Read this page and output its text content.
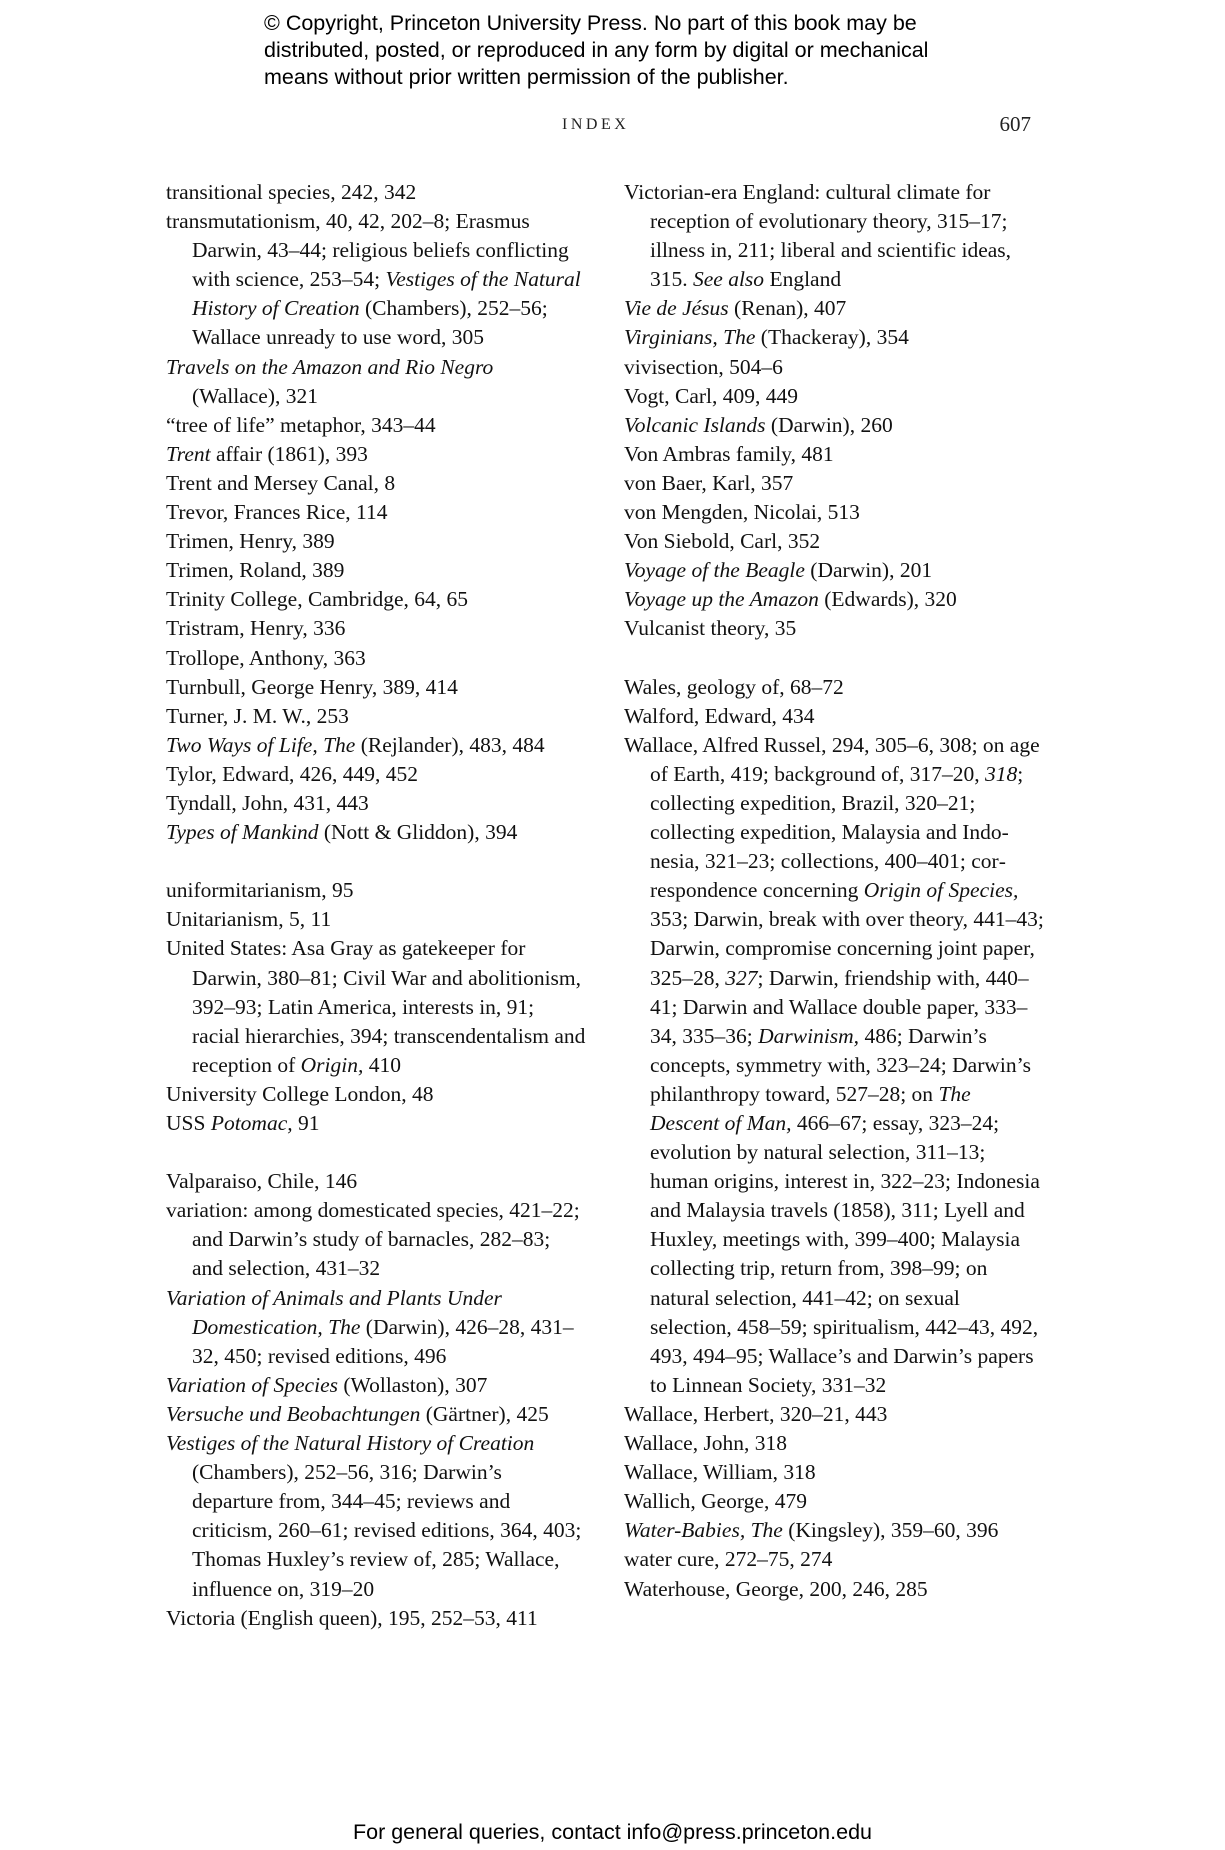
© Copyright, Princeton University Press. No part of this book may be
distributed, posted, or reproduced in any form by digital or mechanical
means without prior written permission of the publisher.
INDEX	607
transitional species, 242, 342
transmutationism, 40, 42, 202–8; Erasmus Darwin, 43–44; religious beliefs conflicting with science, 253–54; Vestiges of the Natural History of Creation (Chambers), 252–56; Wallace unready to use word, 305
Travels on the Amazon and Rio Negro (Wallace), 321
“tree of life” metaphor, 343–44
Trent affair (1861), 393
Trent and Mersey Canal, 8
Trevor, Frances Rice, 114
Trimen, Henry, 389
Trimen, Roland, 389
Trinity College, Cambridge, 64, 65
Tristram, Henry, 336
Trollope, Anthony, 363
Turnbull, George Henry, 389, 414
Turner, J. M. W., 253
Two Ways of Life, The (Rejlander), 483, 484
Tylor, Edward, 426, 449, 452
Tyndall, John, 431, 443
Types of Mankind (Nott & Gliddon), 394
uniformitarianism, 95
Unitarianism, 5, 11
United States: Asa Gray as gatekeeper for Darwin, 380–81; Civil War and abolitionism, 392–93; Latin America, interests in, 91; racial hierarchies, 394; transcendentalism and reception of Origin, 410
University College London, 48
USS Potomac, 91
Valparaiso, Chile, 146
variation: among domesticated species, 421–22; and Darwin’s study of barnacles, 282–83; and selection, 431–32
Variation of Animals and Plants Under Domestication, The (Darwin), 426–28, 431–32, 450; revised editions, 496
Variation of Species (Wollaston), 307
Versuche und Beobachtungen (Gärtner), 425
Vestiges of the Natural History of Creation (Chambers), 252–56, 316; Darwin’s departure from, 344–45; reviews and criticism, 260–61; revised editions, 364, 403; Thomas Huxley’s review of, 285; Wallace, influence on, 319–20
Victoria (English queen), 195, 252–53, 411
Victorian-era England: cultural climate for reception of evolutionary theory, 315–17; illness in, 211; liberal and scientific ideas, 315. See also England
Vie de Jésus (Renan), 407
Virginians, The (Thackeray), 354
vivisection, 504–6
Vogt, Carl, 409, 449
Volcanic Islands (Darwin), 260
Von Ambras family, 481
von Baer, Karl, 357
von Mengden, Nicolai, 513
Von Siebold, Carl, 352
Voyage of the Beagle (Darwin), 201
Voyage up the Amazon (Edwards), 320
Vulcanist theory, 35
Wales, geology of, 68–72
Walford, Edward, 434
Wallace, Alfred Russel, 294, 305–6, 308; on age of Earth, 419; background of, 317–20, 318; collecting expedition, Brazil, 320–21; collecting expedition, Malaysia and Indonesia, 321–23; collections, 400–401; correspondence concerning Origin of Species, 353; Darwin, break with over theory, 441–43; Darwin, compromise concerning joint paper, 325–28, 327; Darwin, friendship with, 440–41; Darwin and Wallace double paper, 333–34, 335–36; Darwinism, 486; Darwin’s concepts, symmetry with, 323–24; Darwin’s philanthropy toward, 527–28; on The Descent of Man, 466–67; essay, 323–24; evolution by natural selection, 311–13; human origins, interest in, 322–23; Indonesia and Malaysia travels (1858), 311; Lyell and Huxley, meetings with, 399–400; Malaysia collecting trip, return from, 398–99; on natural selection, 441–42; on sexual selection, 458–59; spiritualism, 442–43, 492, 493, 494–95; Wallace’s and Darwin’s papers to Linnean Society, 331–32
Wallace, Herbert, 320–21, 443
Wallace, John, 318
Wallace, William, 318
Wallich, George, 479
Water-Babies, The (Kingsley), 359–60, 396
water cure, 272–75, 274
Waterhouse, George, 200, 246, 285
For general queries, contact info@press.princeton.edu
